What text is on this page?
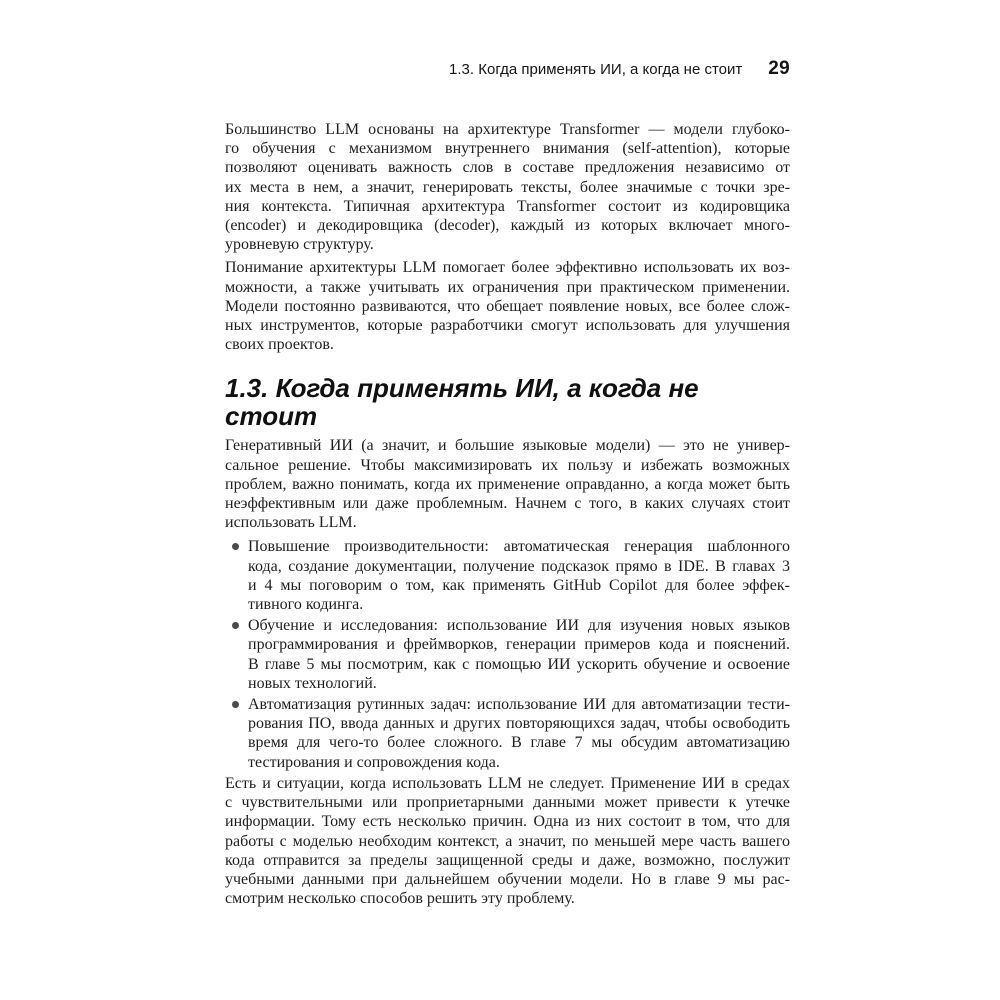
1.3. Когда применять ИИ, а когда не стоит 29
Большинство LLM основаны на архитектуре Transformer — модели глубоко-
го обучения с механизмом внутреннего внимания (self-attention), которые
позволяют оценивать важность слов в составе предложения независимо от
их места в нем, а значит, генерировать тексты, более значимые с точки зре-
ния контекста. Типичная архитектура Transformer состоит из кодировщика
(encoder) и декодировщика (decoder), каждый из которых включает много-
уровневую структуру.
Понимание архитектуры LLM помогает более эффективно использовать их воз-
можности, а также учитывать их ограничения при практическом применении.
Модели постоянно развиваются, что обещает появление новых, все более слож-
ных инструментов, которые разработчики смогут использовать для улучшения
своих проектов.
1.3. Когда применять ИИ, а когда не стоит
Генеративный ИИ (а значит, и большие языковые модели) — это не универ-
сальное решение. Чтобы максимизировать их пользу и избежать возможных
проблем, важно понимать, когда их применение оправданно, а когда может быть
неэффективным или даже проблемным. Начнем с того, в каких случаях стоит
использовать LLM.
Повышение производительности: автоматическая генерация шаблонного
кода, создание документации, получение подсказок прямо в IDE. В главах 3
и 4 мы поговорим о том, как применять GitHub Copilot для более эффек-
тивного кодинга.
Обучение и исследования: использование ИИ для изучения новых языков
программирования и фреймворков, генерации примеров кода и пояснений.
В главе 5 мы посмотрим, как с помощью ИИ ускорить обучение и освоение
новых технологий.
Автоматизация рутинных задач: использование ИИ для автоматизации тести-
рования ПО, ввода данных и других повторяющихся задач, чтобы освободить
время для чего-то более сложного. В главе 7 мы обсудим автоматизацию
тестирования и сопровождения кода.
Есть и ситуации, когда использовать LLM не следует. Применение ИИ в средах
с чувствительными или проприетарными данными может привести к утечке
информации. Тому есть несколько причин. Одна из них состоит в том, что для
работы с моделью необходим контекст, а значит, по меньшей мере часть вашего
кода отправится за пределы защищенной среды и даже, возможно, послужит
учебными данными при дальнейшем обучении модели. Но в главе 9 мы рас-
смотрим несколько способов решить эту проблему.
